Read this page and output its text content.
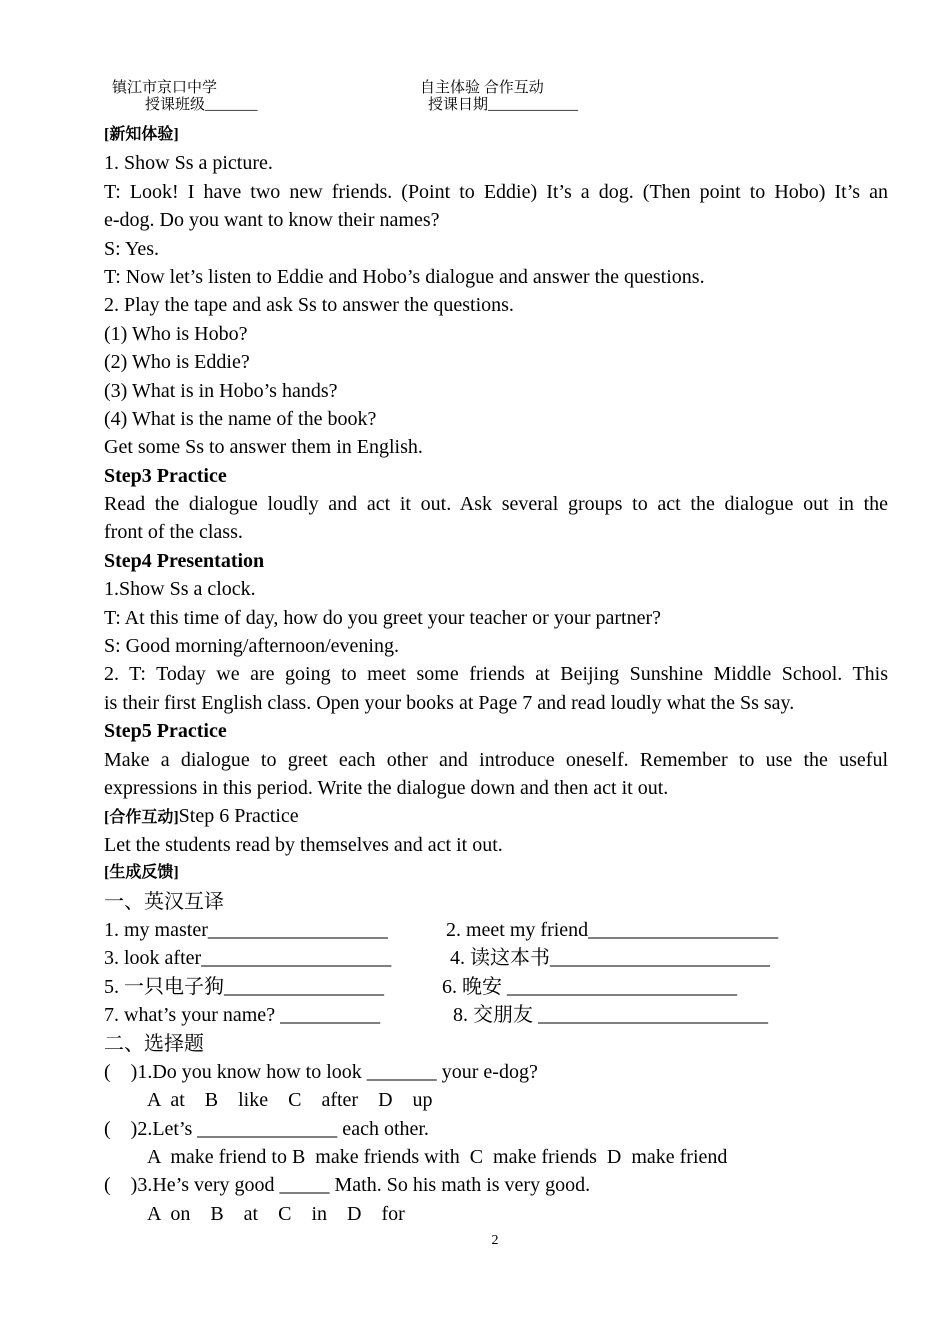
镇江市京口中学	自主体验 合作互动
授课班级_______	授课日期____________
[新知体验]
1. Show Ss a picture.
T: Look! I have two new friends. (Point to Eddie) It’s a dog. (Then point to Hobo) It’s an
e-dog. Do you want to know their names?
S: Yes.
T: Now let’s listen to Eddie and Hobo’s dialogue and answer the questions.
2. Play the tape and ask Ss to answer the questions.
(1) Who is Hobo?
(2) Who is Eddie?
(3) What is in Hobo’s hands?
(4) What is the name of the book?
Get some Ss to answer them in English.
Step3 Practice
Read the dialogue loudly and act it out. Ask several groups to act the dialogue out in the
front of the class.
Step4 Presentation
1.Show Ss a clock.
T: At this time of day, how do you greet your teacher or your partner?
S: Good morning/afternoon/evening.
2. T: Today we are going to meet some friends at Beijing Sunshine Middle School. This
is their first English class. Open your books at Page 7 and read loudly what the Ss say.
Step5 Practice
Make a dialogue to greet each other and introduce oneself. Remember to use the useful
expressions in this period. Write the dialogue down and then act it out.
[合作互动]Step 6 Practice
Let the students read by themselves and act it out.
[生成反馈]
一、英汉互译
1. my master__________________	2. meet my friend___________________
3. look after___________________	4. 读这本书______________________
5. 一只电子狗________________	6. 晚安 _______________________
7. what’s your name? __________	8. 交朋友 _______________________
二、选择题
(    )1.Do you know how to look _______ your e-dog?
A  at    B    like    C    after    D    up
(    )2.Let’s ______________ each other.
A  make friend to B  make friends with  C  make friends  D  make friend
(    )3.He’s very good _____ Math. So his math is very good.
A  on    B    at    C    in    D    for
2
